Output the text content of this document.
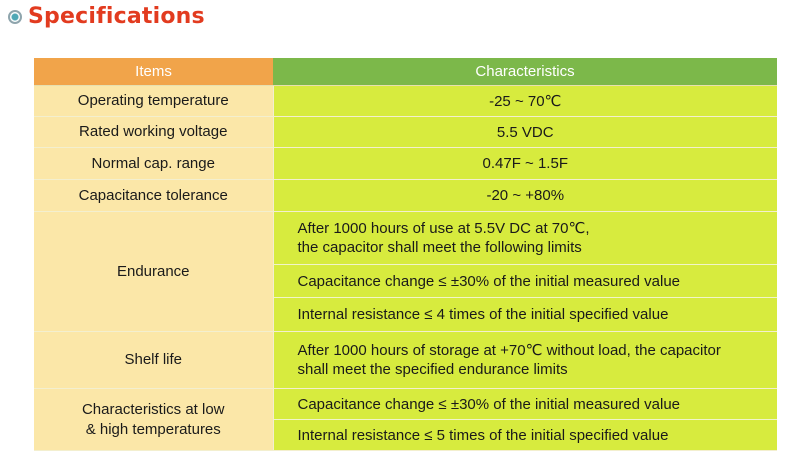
Specifications
Items	Characteristics
Operating temperature	-25 ~ 70℃
Rated working voltage	5.5 VDC
Normal cap. range	0.47F ~ 1.5F
Capacitance tolerance	-20 ~ +80%
Endurance	After 1000 hours of use at 5.5V DC at 70℃,
the capacitor shall meet the following limits

	Capacitance change ≤ ±30% of the initial measured value
	Internal resistance ≤ 4 times of the initial specified value
Shelf life	After 1000 hours of storage at +70℃ without load, the capacitor
shall meet the specified endurance limits

Characteristics at low
& high temperatures	Capacitance change ≤ ±30% of the initial measured value
	Internal resistance ≤ 5 times of the initial specified value
